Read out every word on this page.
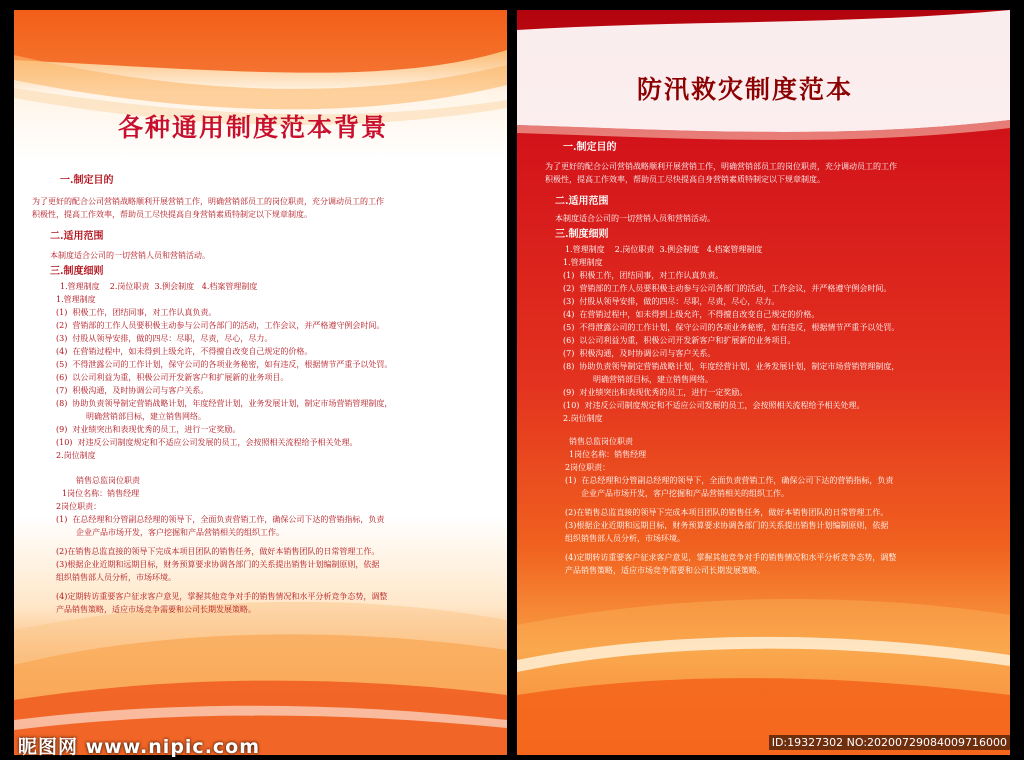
各种通用制度范本背景
一.制定目的
为了更好的配合公司营销战略顺利开展营销工作，明确营销部员工的岗位职责，充分调动员工的工作
积极性，提高工作效率，帮助员工尽快提高自身营销素质特制定以下规章制度。
二.适用范围
本制度适合公司的一切营销人员和营销活动。
三.制度细则
1.管理制度    2.岗位职责  3.例会制度   4.档案管理制度
1.管理制度
(1)  积极工作，团结同事，对工作认真负责。
(2)  营销部的工作人员要积极主动参与公司各部门的活动，工作会议，并严格遵守例会时间。
(3)  付股从领导安排，做的四尽：尽职，尽责，尽心，尽力。
(4)  在营销过程中，如未得到上级允许，不得擅自改变自己规定的价格。
(5)  不得泄露公司的工作计划，保守公司的各项业务秘密，如有违反，根据情节严重予以处罚。
(6)  以公司利益为重，积极公司开发新客户和扩展新的业务项目。
(7)  积极沟通，及时协调公司与客户关系。
(8)  协助负责领导制定营销战略计划，年度经营计划，业务发展计划，制定市场营销管理制度，
明确营销部目标，建立销售网络。
(9)  对业绩突出和表现优秀的员工，进行一定奖励。
(10)  对违反公司制度规定和不适应公司发展的员工，会按照相关流程给予相关处理。
2.岗位制度
销售总监岗位职责
1岗位名称：销售经理
2岗位职责：
(1)  在总经理和分管副总经理的领导下，全面负责营销工作，确保公司下达的营销指标，负责
企业产品市场开发，客户挖掘和产品营销相关的组织工作。
(2)在销售总监直接的领导下完成本项目团队的销售任务，做好本销售团队的日常管理工作。
(3)根据企业近期和远期目标，财务预算要求协调各部门的关系提出销售计划编制原则，依据
组织销售部人员分析，市场环境。
(4)定期转访重要客户征求客户意见，掌握其他竞争对手的销售情况和水平分析竞争态势，调整
产品销售策略，适应市场竞争需要和公司长期发展策略。
防汛救灾制度范本
一.制定目的
为了更好的配合公司营销战略顺利开展营销工作，明确营销部员工的岗位职责，充分调动员工的工作
积极性，提高工作效率，帮助员工尽快提高自身营销素质特制定以下规章制度。
二.适用范围
本制度适合公司的一切营销人员和营销活动。
三.制度细则
1.管理制度    2.岗位职责  3.例会制度   4.档案管理制度
1.管理制度
(1)  积极工作，团结同事，对工作认真负责。
(2)  营销部的工作人员要积极主动参与公司各部门的活动，工作会议，并严格遵守例会时间。
(3)  付股从领导安排，做的四尽：尽职，尽责，尽心，尽力。
(4)  在营销过程中，如未得到上级允许，不得擅自改变自己规定的价格。
(5)  不得泄露公司的工作计划，保守公司的各项业务秘密，如有违反，根据情节严重予以处罚。
(6)  以公司利益为重，积极公司开发新客户和扩展新的业务项目。
(7)  积极沟通，及时协调公司与客户关系。
(8)  协助负责领导制定营销战略计划，年度经营计划，业务发展计划，制定市场营销管理制度，
明确营销部目标，建立销售网络。
(9)  对业绩突出和表现优秀的员工，进行一定奖励。
(10)  对违反公司制度规定和不适应公司发展的员工，会按照相关流程给予相关处理。
2.岗位制度
销售总监岗位职责
1岗位名称：销售经理
2岗位职责：
(1)  在总经理和分管副总经理的领导下，全面负责营销工作，确保公司下达的营销指标，负责
企业产品市场开发，客户挖掘和产品营销相关的组织工作。
(2)在销售总监直接的领导下完成本项目团队的销售任务，做好本销售团队的日常管理工作。
(3)根据企业近期和远期目标，财务预算要求协调各部门的关系提出销售计划编制原则，依据
组织销售部人员分析，市场环境。
(4)定期转访重要客户征求客户意见，掌握其他竞争对手的销售情况和水平分析竞争态势，调整
产品销售策略，适应市场竞争需要和公司长期发展策略。
昵图网 www.nipic.com	ID:19327302 NO:20200729084009716000
